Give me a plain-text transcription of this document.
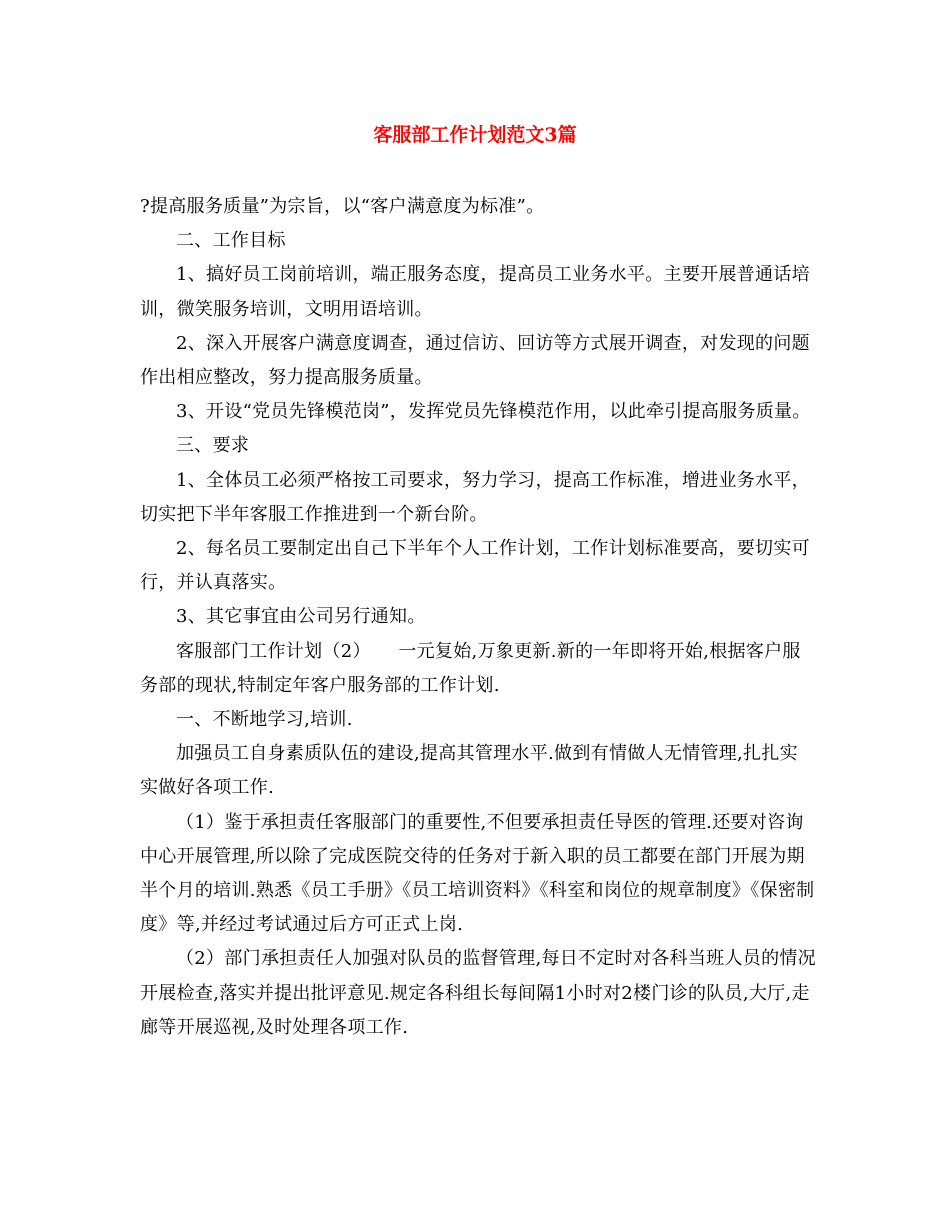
客服部工作计划范文3篇

?提高服务质量”为宗旨，以“客户满意度为标准”。

二、工作目标

1、搞好员工岗前培训，端正服务态度，提高员工业务水平。主要开展普通话培训，微笑服务培训，文明用语培训。

2、深入开展客户满意度调查，通过信访、回访等方式展开调查，对发现的问题作出相应整改，努力提高服务质量。

3、开设“党员先锋模范岗”，发挥党员先锋模范作用，以此牵引提高服务质量。

三、要求

1、全体员工必须严格按工司要求，努力学习，提高工作标准，增进业务水平，切实把下半年客服工作推进到一个新台阶。

2、每名员工要制定出自己下半年个人工作计划，工作计划标准要高，要切实可行，并认真落实。

3、其它事宜由公司另行通知。

客服部门工作计划（2）　　一元复始,万象更新.新的一年即将开始,根据客户服务部的现状,特制定年客户服务部的工作计划.

一、不断地学习,培训.

加强员工自身素质队伍的建设,提高其管理水平.做到有情做人无情管理,扎扎实实做好各项工作.

（1）鉴于承担责任客服部门的重要性,不但要承担责任导医的管理.还要对咨询中心开展管理,所以除了完成医院交待的任务对于新入职的员工都要在部门开展为期半个月的培训.熟悉《员工手册》《员工培训资料》《科室和岗位的规章制度》《保密制度》等,并经过考试通过后方可正式上岗.

（2）部门承担责任人加强对队员的监督管理,每日不定时对各科当班人员的情况开展检查,落实并提出批评意见.规定各科组长每间隔1小时对2楼门诊的队员,大厅,走廊等开展巡视,及时处理各项工作.
